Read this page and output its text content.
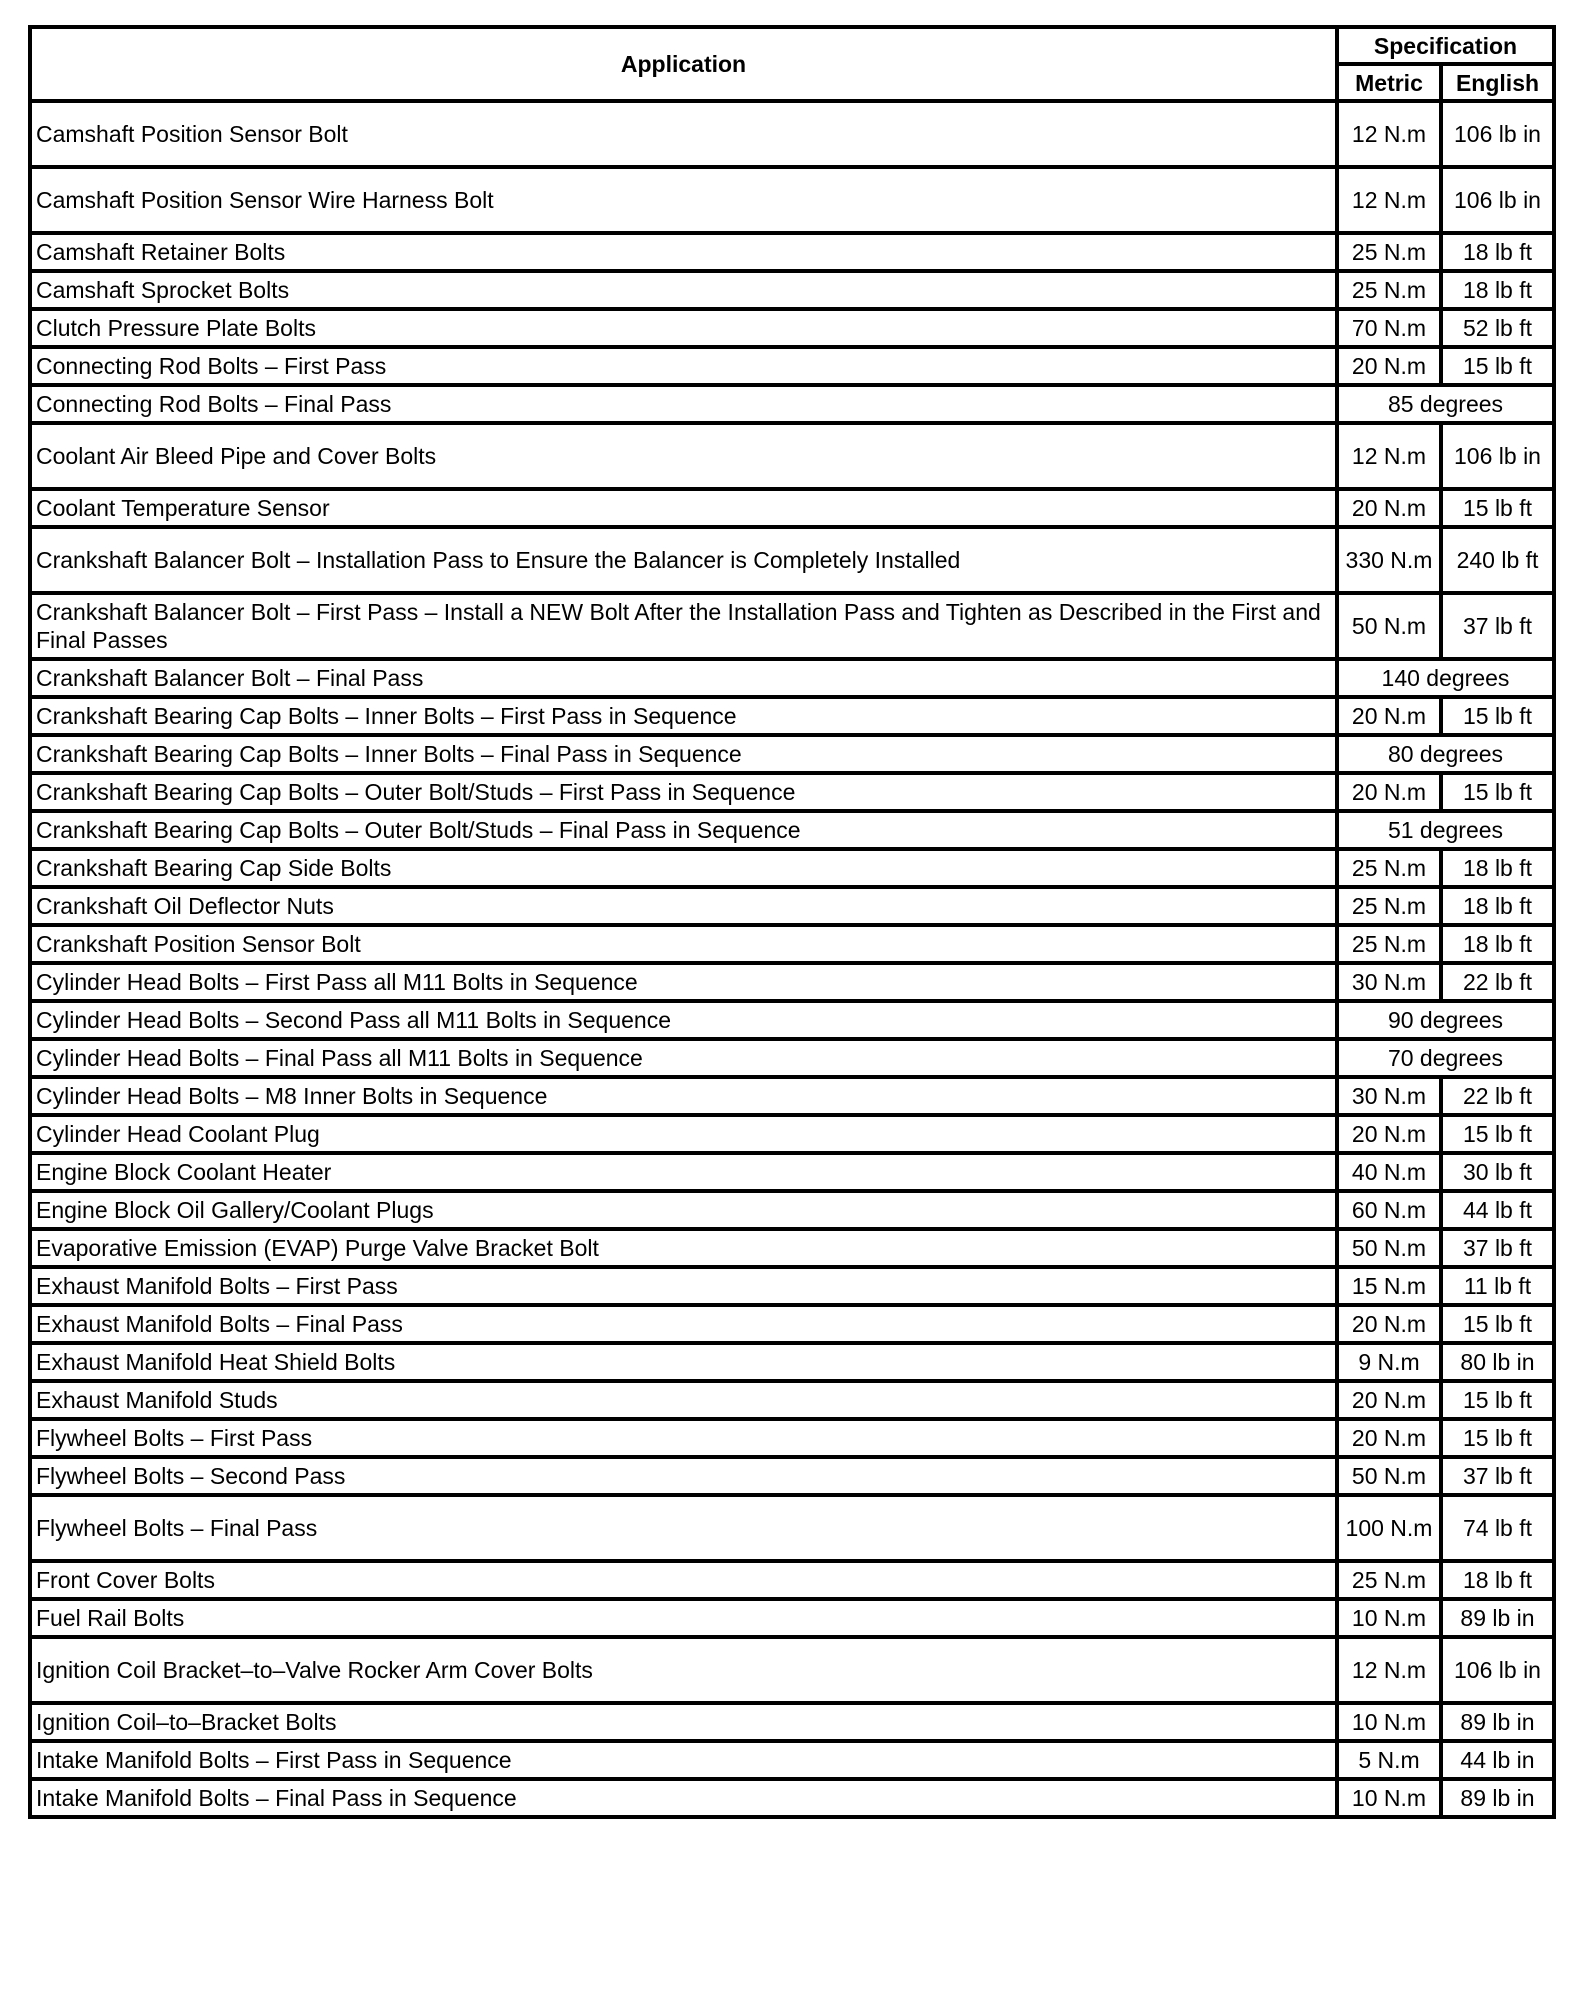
Application	Specification	
	Metric	English
Camshaft Position Sensor Bolt	12 N.m	106 lb in
Camshaft Position Sensor Wire Harness Bolt	12 N.m	106 lb in
Camshaft Retainer Bolts	25 N.m	18 lb ft
Camshaft Sprocket Bolts	25 N.m	18 lb ft
Clutch Pressure Plate Bolts	70 N.m	52 lb ft
Connecting Rod Bolts – First Pass	20 N.m	15 lb ft
Connecting Rod Bolts – Final Pass	85 degrees	
Coolant Air Bleed Pipe and Cover Bolts	12 N.m	106 lb in
Coolant Temperature Sensor	20 N.m	15 lb ft
Crankshaft Balancer Bolt – Installation Pass to Ensure the Balancer is Completely Installed	330 N.m	240 lb ft
Crankshaft Balancer Bolt – First Pass – Install a NEW Bolt After the Installation Pass and Tighten as Described in the First and Final Passes	50 N.m	37 lb ft
Crankshaft Balancer Bolt – Final Pass	140 degrees	
Crankshaft Bearing Cap Bolts – Inner Bolts – First Pass in Sequence	20 N.m	15 lb ft
Crankshaft Bearing Cap Bolts – Inner Bolts – Final Pass in Sequence	80 degrees	
Crankshaft Bearing Cap Bolts – Outer Bolt/Studs – First Pass in Sequence	20 N.m	15 lb ft
Crankshaft Bearing Cap Bolts – Outer Bolt/Studs – Final Pass in Sequence	51 degrees	
Crankshaft Bearing Cap Side Bolts	25 N.m	18 lb ft
Crankshaft Oil Deflector Nuts	25 N.m	18 lb ft
Crankshaft Position Sensor Bolt	25 N.m	18 lb ft
Cylinder Head Bolts – First Pass all M11 Bolts in Sequence	30 N.m	22 lb ft
Cylinder Head Bolts – Second Pass all M11 Bolts in Sequence	90 degrees	
Cylinder Head Bolts – Final Pass all M11 Bolts in Sequence	70 degrees	
Cylinder Head Bolts – M8 Inner Bolts in Sequence	30 N.m	22 lb ft
Cylinder Head Coolant Plug	20 N.m	15 lb ft
Engine Block Coolant Heater	40 N.m	30 lb ft
Engine Block Oil Gallery/Coolant Plugs	60 N.m	44 lb ft
Evaporative Emission (EVAP) Purge Valve Bracket Bolt	50 N.m	37 lb ft
Exhaust Manifold Bolts – First Pass	15 N.m	11 lb ft
Exhaust Manifold Bolts – Final Pass	20 N.m	15 lb ft
Exhaust Manifold Heat Shield Bolts	9 N.m	80 lb in
Exhaust Manifold Studs	20 N.m	15 lb ft
Flywheel Bolts – First Pass	20 N.m	15 lb ft
Flywheel Bolts – Second Pass	50 N.m	37 lb ft
Flywheel Bolts – Final Pass	100 N.m	74 lb ft
Front Cover Bolts	25 N.m	18 lb ft
Fuel Rail Bolts	10 N.m	89 lb in
Ignition Coil Bracket–to–Valve Rocker Arm Cover Bolts	12 N.m	106 lb in
Ignition Coil–to–Bracket Bolts	10 N.m	89 lb in
Intake Manifold Bolts – First Pass in Sequence	5 N.m	44 lb in
Intake Manifold Bolts – Final Pass in Sequence	10 N.m	89 lb in
